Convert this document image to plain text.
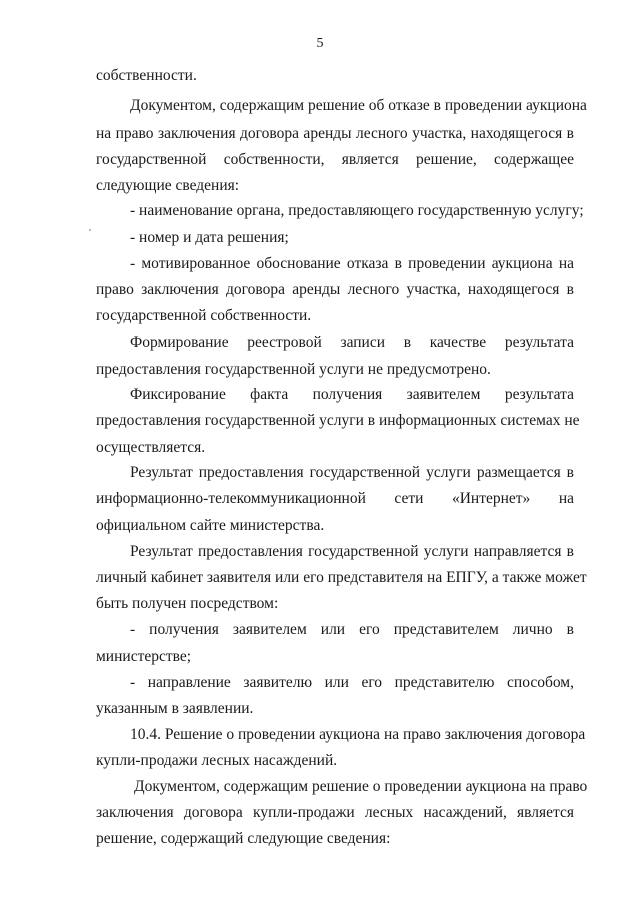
5
собственности.
Документом, содержащим решение об отказе в проведении аукциона
на право заключения договора аренды лесного участка, находящегося в
государственной собственности, является решение, содержащее
следующие сведения:
- наименование органа, предоставляющего государственную услугу;
- номер и дата решения;
- мотивированное обоснование отказа в проведении аукциона на
право заключения договора аренды лесного участка, находящегося в
государственной собственности.
Формирование реестровой записи в качестве результата
предоставления государственной услуги не предусмотрено.
Фиксирование факта получения заявителем результата
предоставления государственной услуги в информационных системах не
осуществляется.
Результат предоставления государственной услуги размещается в
информационно-телекоммуникационной сети «Интернет» на
официальном сайте министерства.
Результат предоставления государственной услуги направляется в
личный кабинет заявителя или его представителя на ЕПГУ, а также может
быть получен посредством:
- получения заявителем или его представителем лично в
министерстве;
- направление заявителю или его представителю способом,
указанным в заявлении.
10.4. Решение о проведении аукциона на право заключения договора
купли-продажи лесных насаждений.
Документом, содержащим решение о проведении аукциона на право
заключения договора купли-продажи лесных насаждений, является
решение, содержащий следующие сведения:
